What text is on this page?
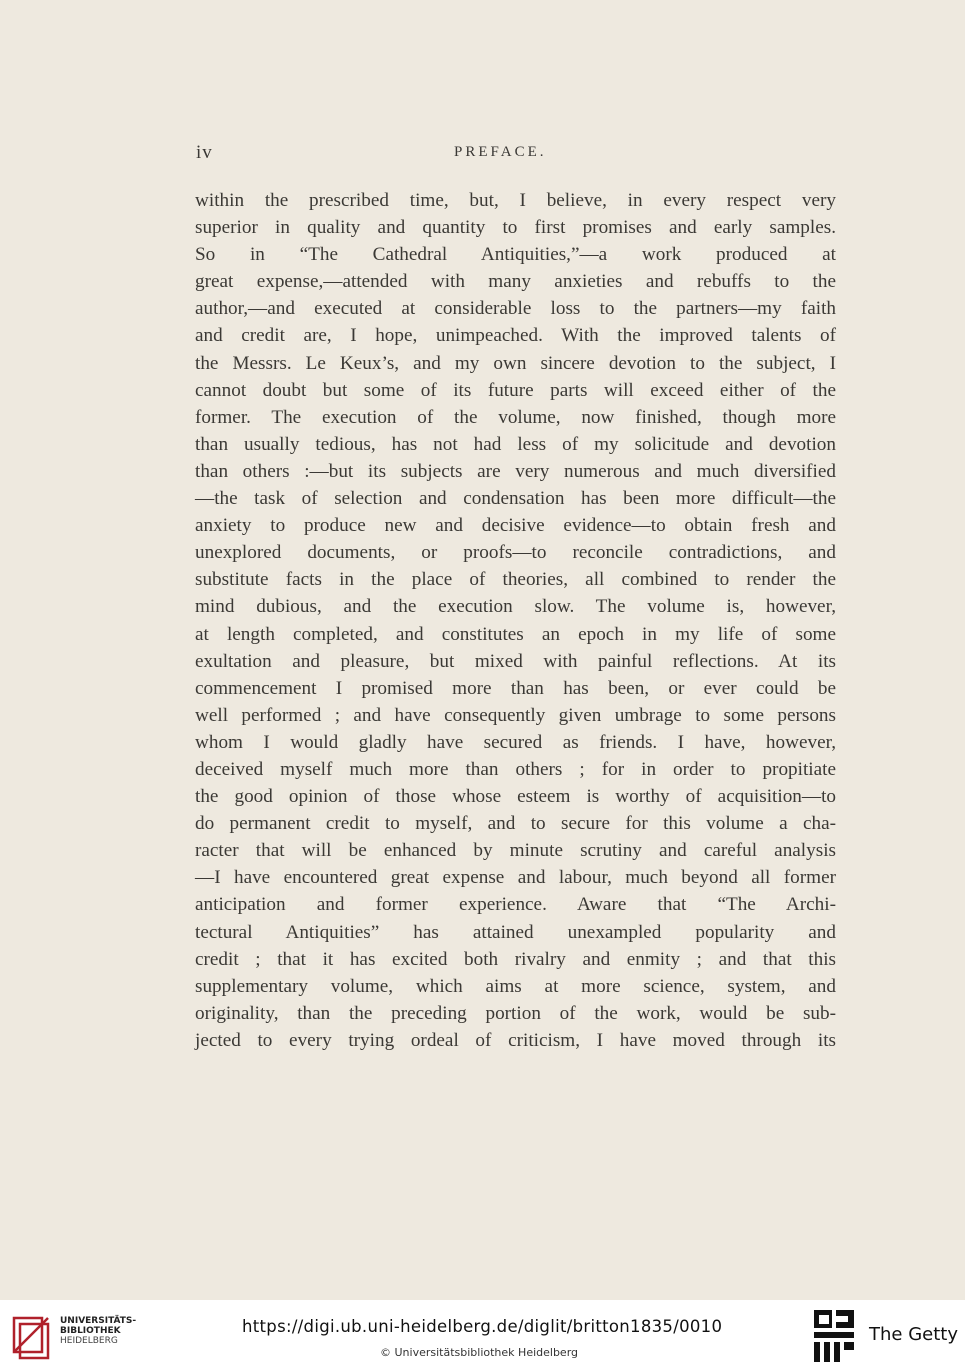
iv	PREFACE.
within the prescribed time, but, I believe, in every respect very
superior in quality and quantity to first promises and early samples.
So in “The Cathedral Antiquities,”—a work produced at
great expense,—attended with many anxieties and rebuffs to the
author,—and executed at considerable loss to the partners—my faith
and credit are, I hope, unimpeached. With the improved talents of
the Messrs. Le Keux’s, and my own sincere devotion to the subject, I
cannot doubt but some of its future parts will exceed either of the
former. The execution of the volume, now finished, though more
than usually tedious, has not had less of my solicitude and devotion
than others :—but its subjects are very numerous and much diversified
—the task of selection and condensation has been more difficult—the
anxiety to produce new and decisive evidence—to obtain fresh and
unexplored documents, or proofs—to reconcile contradictions, and
substitute facts in the place of theories, all combined to render the
mind dubious, and the execution slow. The volume is, however,
at length completed, and constitutes an epoch in my life of some
exultation and pleasure, but mixed with painful reflections. At its
commencement I promised more than has been, or ever could be
well performed ; and have consequently given umbrage to some persons
whom I would gladly have secured as friends. I have, however,
deceived myself much more than others ; for in order to propitiate
the good opinion of those whose esteem is worthy of acquisition—to
do permanent credit to myself, and to secure for this volume a cha-
racter that will be enhanced by minute scrutiny and careful analysis
—I have encountered great expense and labour, much beyond all former
anticipation and former experience. Aware that “The Archi-
tectural Antiquities” has attained unexampled popularity and
credit ; that it has excited both rivalry and enmity ; and that this
supplementary volume, which aims at more science, system, and
originality, than the preceding portion of the work, would be sub-
jected to every trying ordeal of criticism, I have moved through its
UNIVERSITÄTS-
BIBLIOTHEK
HEIDELBERG
https://digi.ub.uni-heidelberg.de/diglit/britton1835/0010
© Universitätsbibliothek Heidelberg
The Getty
